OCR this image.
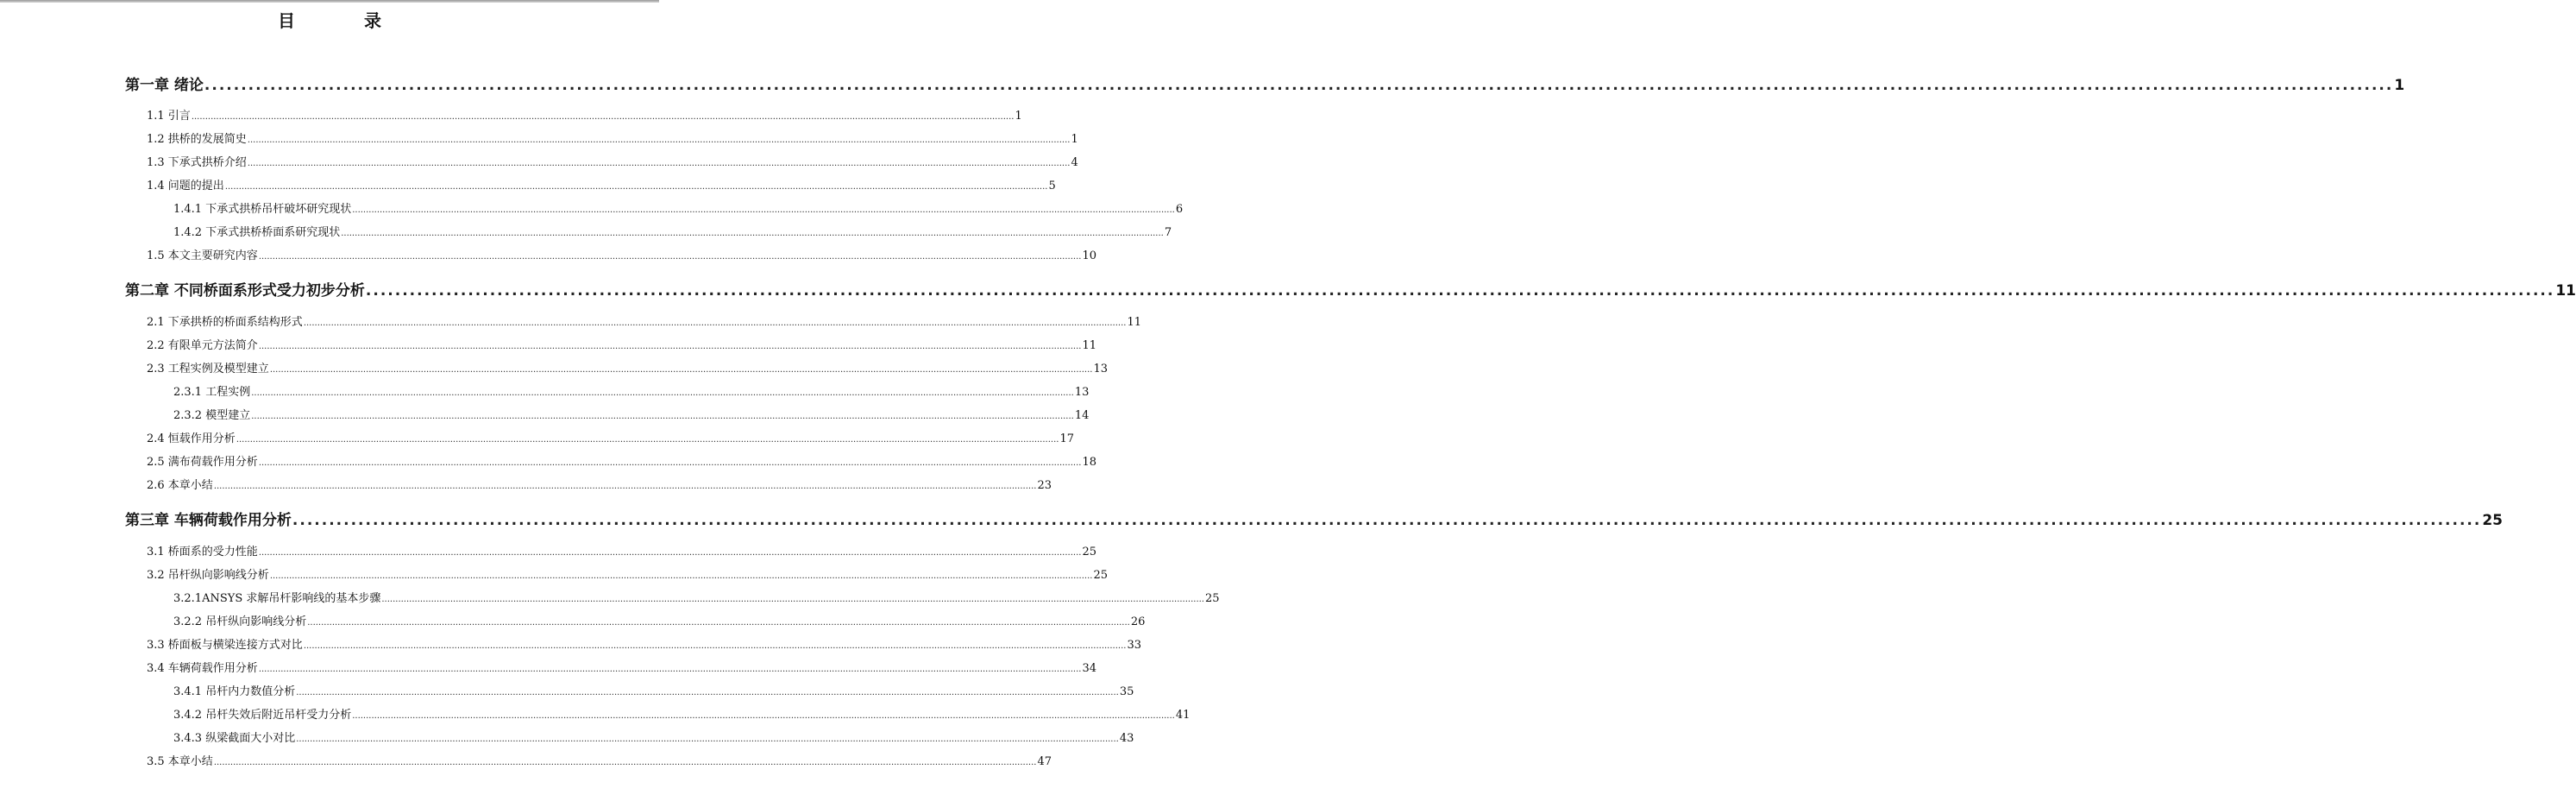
目　录
第一章 绪论 ............................................................................................................................................................................................................................................................................................................ 1
1.1 引言 ............................................................................................................................................................................................................................................................................................................ 1
1.2 拱桥的发展简史 ............................................................................................................................................................................................................................................................................................................ 1
1.3 下承式拱桥介绍 ............................................................................................................................................................................................................................................................................................................ 4
1.4 问题的提出 ............................................................................................................................................................................................................................................................................................................ 5
1.4.1 下承式拱桥吊杆破坏研究现状 ............................................................................................................................................................................................................................................................................................................ 6
1.4.2 下承式拱桥桥面系研究现状 ............................................................................................................................................................................................................................................................................................................ 7
1.5 本文主要研究内容 ............................................................................................................................................................................................................................................................................................................ 10
第二章 不同桥面系形式受力初步分析 ............................................................................................................................................................................................................................................................................................................ 11
2.1 下承拱桥的桥面系结构形式 ............................................................................................................................................................................................................................................................................................................ 11
2.2 有限单元方法简介 ............................................................................................................................................................................................................................................................................................................ 11
2.3 工程实例及模型建立 ............................................................................................................................................................................................................................................................................................................ 13
2.3.1 工程实例 ............................................................................................................................................................................................................................................................................................................ 13
2.3.2 模型建立 ............................................................................................................................................................................................................................................................................................................ 14
2.4 恒载作用分析 ............................................................................................................................................................................................................................................................................................................ 17
2.5 满布荷载作用分析 ............................................................................................................................................................................................................................................................................................................ 18
2.6 本章小结 ............................................................................................................................................................................................................................................................................................................ 23
第三章 车辆荷载作用分析 ............................................................................................................................................................................................................................................................................................................ 25
3.1 桥面系的受力性能 ............................................................................................................................................................................................................................................................................................................ 25
3.2 吊杆纵向影响线分析 ............................................................................................................................................................................................................................................................................................................ 25
3.2.1ANSYS 求解吊杆影响线的基本步骤 ............................................................................................................................................................................................................................................................................................................ 25
3.2.2 吊杆纵向影响线分析 ............................................................................................................................................................................................................................................................................................................ 26
3.3 桥面板与横梁连接方式对比 ............................................................................................................................................................................................................................................................................................................ 33
3.4 车辆荷载作用分析 ............................................................................................................................................................................................................................................................................................................ 34
3.4.1 吊杆内力数值分析 ............................................................................................................................................................................................................................................................................................................ 35
3.4.2 吊杆失效后附近吊杆受力分析 ............................................................................................................................................................................................................................................................................................................ 41
3.4.3 纵梁截面大小对比 ............................................................................................................................................................................................................................................................................................................ 43
3.5 本章小结 ............................................................................................................................................................................................................................................................................................................ 47
